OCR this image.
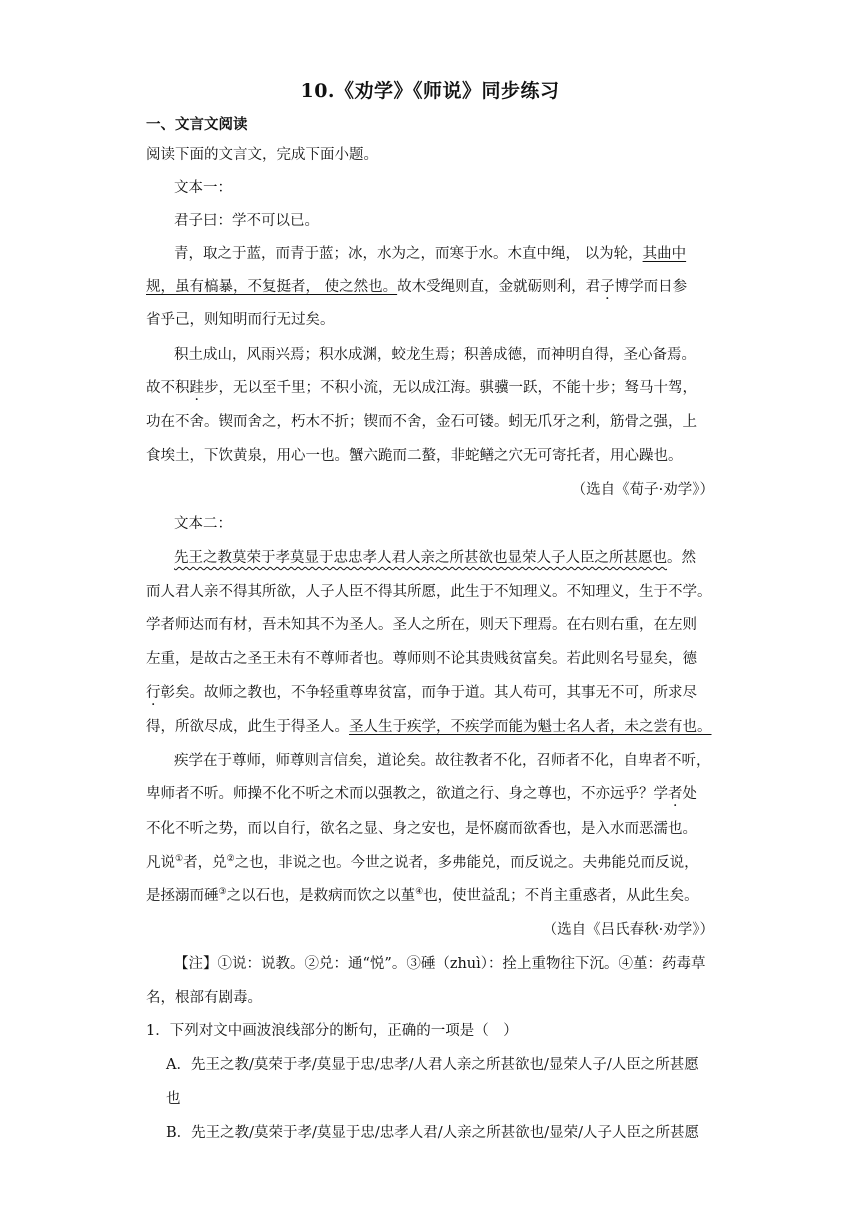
10.《劝学》《师说》同步练习
一、文言文阅读
阅读下面的文言文，完成下面小题。
文本一：
君子曰：学不可以已。
青，取之于蓝，而青于蓝；冰，水为之，而寒于水。木直中绳， 以为轮，其曲中
规，虽有槁暴，不复挺者， 使之然也。故木受绳则直，金就砺则利，君子博学而日参
省乎己，则知明而行无过矣。
积土成山，风雨兴焉；积水成渊，蛟龙生焉；积善成德，而神明自得，圣心备焉。
故不积跬步，无以至千里；不积小流，无以成江海。骐骥一跃，不能十步；驽马十驾，
功在不舍。锲而舍之，朽木不折；锲而不舍，金石可镂。蚓无爪牙之利，筋骨之强，上
食埃土，下饮黄泉，用心一也。蟹六跪而二螯，非蛇鳝之穴无可寄托者，用心躁也。
（选自《荀子·劝学》）
文本二：
先王之教莫荣于孝莫显于忠忠孝人君人亲之所甚欲也显荣人子人臣之所甚愿也。然
而人君人亲不得其所欲，人子人臣不得其所愿，此生于不知理义。不知理义，生于不学。
学者师达而有材，吾未知其不为圣人。圣人之所在，则天下理焉。在右则右重，在左则
左重，是故古之圣王未有不尊师者也。尊师则不论其贵贱贫富矣。若此则名号显矣，德
行彰矣。故师之教也，不争轻重尊卑贫富，而争于道。其人苟可，其事无不可，所求尽
得，所欲尽成，此生于得圣人。圣人生于疾学，不疾学而能为魁士名人者，未之尝有也。
疾学在于尊师，师尊则言信矣，道论矣。故往教者不化，召师者不化，自卑者不听，
卑师者不听。师操不化不听之术而以强教之，欲道之行、身之尊也，不亦远乎？学者处
不化不听之势，而以自行，欲名之显、身之安也，是怀腐而欲香也，是入水而恶濡也。
凡说①者，兑②之也，非说之也。今世之说者，多弗能兑，而反说之。夫弗能兑而反说，
是拯溺而硾③之以石也，是救病而饮之以堇④也，使世益乱；不肖主重惑者，从此生矣。
（选自《吕氏春秋·劝学》）
【注】①说：说教。②兑：通“悦”。③硾（zhuì）：拴上重物往下沉。④堇：药毒草
名，根部有剧毒。
1．下列对文中画波浪线部分的断句，正确的一项是（　）
A．先王之教/莫荣于孝/莫显于忠/忠孝/人君人亲之所甚欲也/显荣人子/人臣之所甚愿
也
B．先王之教/莫荣于孝/莫显于忠/忠孝人君/人亲之所甚欲也/显荣/人子人臣之所甚愿
